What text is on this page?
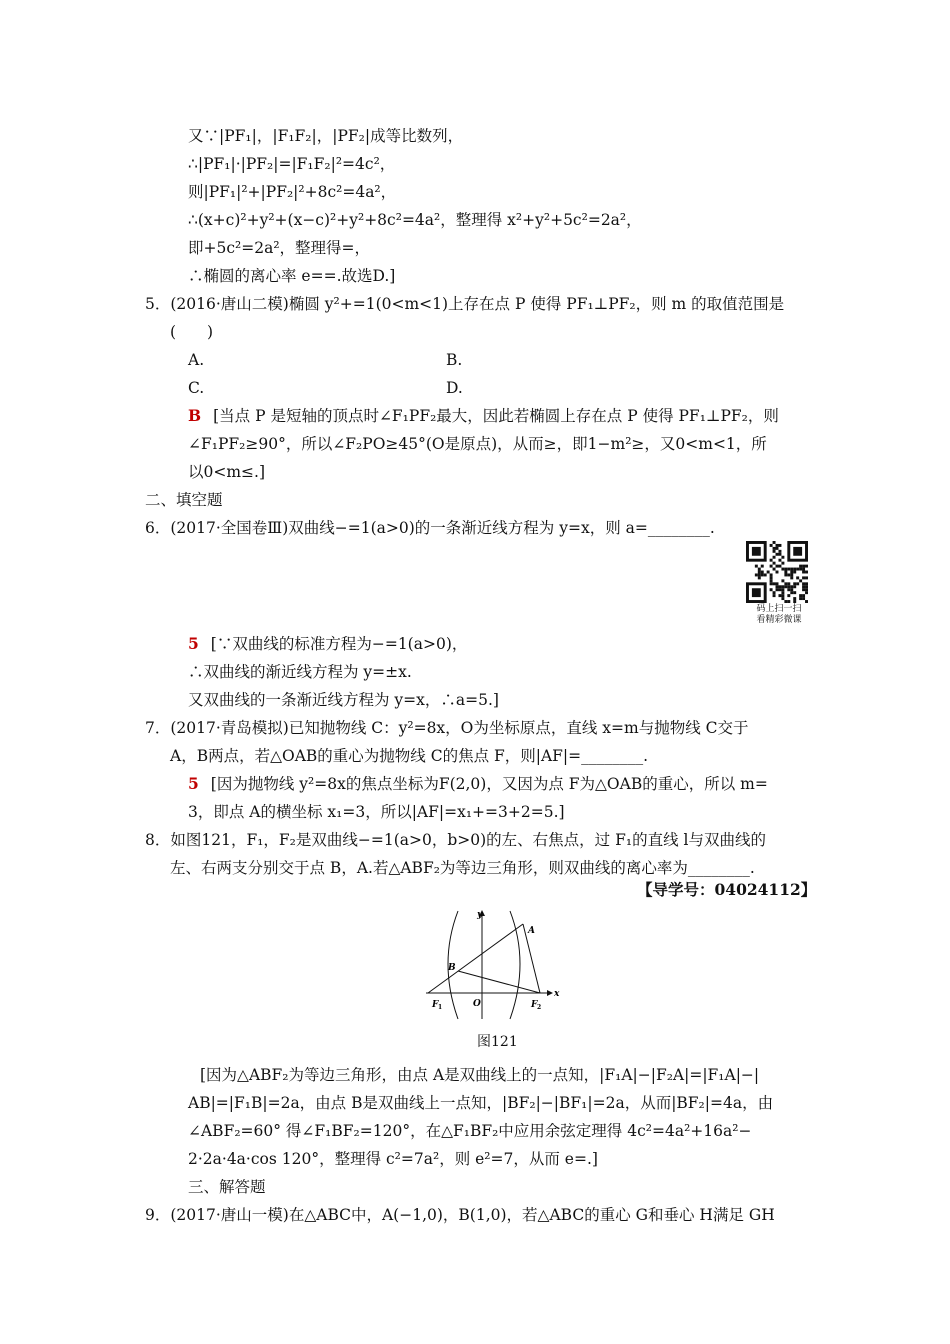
又∵|PF₁|，|F₁F₂|，|PF₂|成等比数列，
∴|PF₁|·|PF₂|=|F₁F₂|²=4c²，
则|PF₁|²+|PF₂|²+8c²=4a²，
∴(x+c)²+y²+(x−c)²+y²+8c²=4a²，整理得 x²+y²+5c²=2a²，
即+5c²=2a²，整理得=，
∴椭圆的离心率 e==.故选D.]
5．(2016·唐山二模)椭圆 y²+=1(0<m<1)上存在点 P 使得 PF₁⊥PF₂，则 m 的取值范围是
(　　)
A.	B.
C.	D.
B [当点 P 是短轴的顶点时∠F₁PF₂最大，因此若椭圆上存在点 P 使得 PF₁⊥PF₂，则
∠F₁PF₂≥90°，所以∠F₂PO≥45°(O是原点)，从而≥，即1−m²≥，又0<m<1，所
以0<m≤.]
二、填空题
6．(2017·全国卷Ⅲ)双曲线−=1(a>0)的一条渐近线方程为 y=x，则 a=________.
5 [∵双曲线的标准方程为−=1(a>0)，
∴双曲线的渐近线方程为 y=±x.
又双曲线的一条渐近线方程为 y=x，∴a=5.]
7．(2017·青岛模拟)已知抛物线 C：y²=8x，O为坐标原点，直线 x=m与抛物线 C交于
A，B两点，若△OAB的重心为抛物线 C的焦点 F，则|AF|=________.
5 [因为抛物线 y²=8x的焦点坐标为F(2,0)，又因为点 F为△OAB的重心，所以 m=
3，即点 A的横坐标 x₁=3，所以|AF|=x₁+=3+2=5.]
8．如图121，F₁，F₂是双曲线−=1(a>0，b>0)的左、右焦点，过 F₁的直线 l与双曲线的
左、右两支分别交于点 B，A.若△ABF₂为等边三角形，则双曲线的离心率为________.
[因为△ABF₂为等边三角形，由点 A是双曲线上的一点知，|F₁A|−|F₂A|=|F₁A|−|
AB|=|F₁B|=2a，由点 B是双曲线上一点知，|BF₂|−|BF₁|=2a，从而|BF₂|=4a，由
∠ABF₂=60° 得∠F₁BF₂=120°，在△F₁BF₂中应用余弦定理得 4c²=4a²+16a²−
2·2a·4a·cos 120°，整理得 c²=7a²，则 e²=7，从而 e=.]
三、解答题
9．(2017·唐山一模)在△ABC中，A(−1,0)，B(1,0)，若△ABC的重心 G和垂心 H满足 GH
【导学号：04024112】
码上扫一扫
看精彩微课
y
x
A
B
O
F 1	F 2
图121
